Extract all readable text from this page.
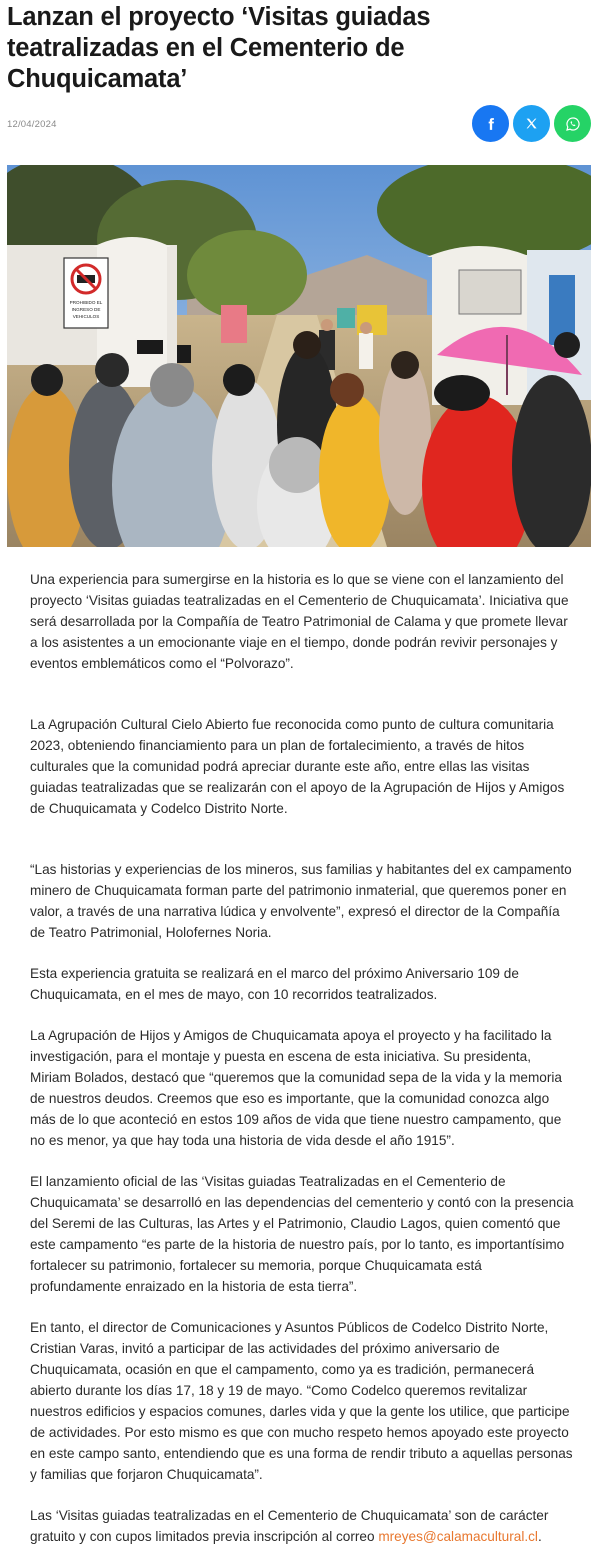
Lanzan el proyecto ‘Visitas guiadas teatralizadas en el Cementerio de Chuquicamata’
12/04/2024
PROHIBIDO EL
INGRESO DE
VEHICULOS

Una experiencia para sumergirse en la historia es lo que se viene con el lanzamiento del proyecto ‘Visitas guiadas teatralizadas en el Cementerio de Chuquicamata’. Iniciativa que será desarrollada por la Compañía de Teatro Patrimonial de Calama y que promete llevar a los asistentes a un emocionante viaje en el tiempo, donde podrán revivir personajes y eventos emblemáticos como el “Polvorazo”.

La Agrupación Cultural Cielo Abierto fue reconocida como punto de cultura comunitaria 2023, obteniendo financiamiento para un plan de fortalecimiento, a través de hitos culturales que la comunidad podrá apreciar durante este año, entre ellas las visitas guiadas teatralizadas que se realizarán con el apoyo de la Agrupación de Hijos y Amigos de Chuquicamata y Codelco Distrito Norte.

“Las historias y experiencias de los mineros, sus familias y habitantes del ex campamento minero de Chuquicamata forman parte del patrimonio inmaterial, que queremos poner en valor, a través de una narrativa lúdica y envolvente”, expresó el director de la Compañía de Teatro Patrimonial, Holofernes Noria.

Esta experiencia gratuita se realizará en el marco del próximo Aniversario 109 de Chuquicamata, en el mes de mayo, con 10 recorridos teatralizados.

La Agrupación de Hijos y Amigos de Chuquicamata apoya el proyecto y ha facilitado la investigación, para el montaje y puesta en escena de esta iniciativa. Su presidenta, Miriam Bolados, destacó que “queremos que la comunidad sepa de la vida y la memoria de nuestros deudos. Creemos que eso es importante, que la comunidad conozca algo más de lo que aconteció en estos 109 años de vida que tiene nuestro campamento, que no es menor, ya que hay toda una historia de vida desde el año 1915”.

El lanzamiento oficial de las ‘Visitas guiadas Teatralizadas en el Cementerio de Chuquicamata’ se desarrolló en las dependencias del cementerio y contó con la presencia del Seremi de las Culturas, las Artes y el Patrimonio, Claudio Lagos, quien comentó que este campamento “es parte de la historia de nuestro país, por lo tanto, es importantísimo fortalecer su patrimonio, fortalecer su memoria, porque Chuquicamata está profundamente enraizado en la historia de esta tierra”.

En tanto, el director de Comunicaciones y Asuntos Públicos de Codelco Distrito Norte, Cristian Varas, invitó a participar de las actividades del próximo aniversario de Chuquicamata, ocasión en que el campamento, como ya es tradición, permanecerá abierto durante los días 17, 18 y 19 de mayo. “Como Codelco queremos revitalizar nuestros edificios y espacios comunes, darles vida y que la gente los utilice, que participe de actividades. Por esto mismo es que con mucho respeto hemos apoyado este proyecto en este campo santo, entendiendo que es una forma de rendir tributo a aquellas personas y familias que forjaron Chuquicamata”.

Las ‘Visitas guiadas teatralizadas en el Cementerio de Chuquicamata’ son de carácter gratuito y con cupos limitados previa inscripción al correo mreyes@calamacultural.cl.
